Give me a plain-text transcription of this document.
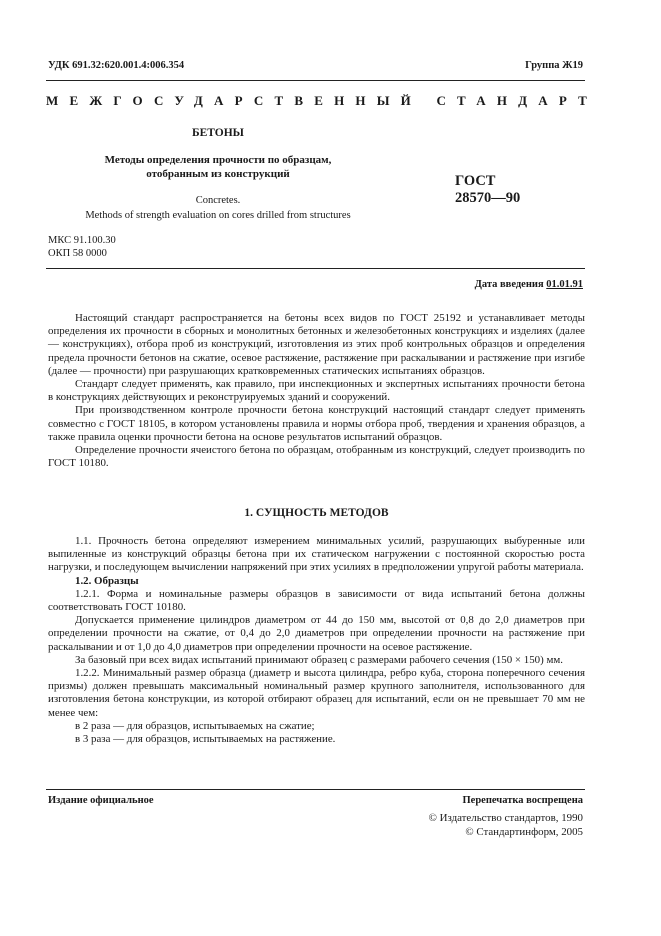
УДК 691.32:620.001.4:006.354	Группа Ж19
МЕЖГОСУДАРСТВЕННЫЙ СТАНДАРТ
БЕТОНЫ
Методы определения прочности по образцам,
отобранным из конструкций
Concretes.
Methods of strength evaluation on cores drilled from structures
ГОСТ
28570—90
МКС 91.100.30
ОКП 58 0000
Дата введения 01.01.91

Настоящий стандарт распространяется на бетоны всех видов по ГОСТ 25192 и устанавливает методы определения их прочности в сборных и монолитных бетонных и железобетонных конструкциях и изделиях (далее — конструкциях), отбора проб из конструкций, изготовления из этих проб контрольных образцов и определения предела прочности бетонов на сжатие, осевое растяжение, растяжение при раскалывании и растяжение при изгибе (далее — прочности) при разрушающих кратковременных статических испытаниях образцов.

Стандарт следует применять, как правило, при инспекционных и экспертных испытаниях прочности бетона в конструкциях действующих и реконструируемых зданий и сооружений.

При производственном контроле прочности бетона конструкций настоящий стандарт следует применять совместно с ГОСТ 18105, в котором установлены правила и нормы отбора проб, твердения и хранения образцов, а также правила оценки прочности бетона на основе результатов испытаний образцов.

Определение прочности ячеистого бетона по образцам, отобранным из конструкций, следует производить по ГОСТ 10180.

1. СУЩНОСТЬ МЕТОДОВ

1.1. Прочность бетона определяют измерением минимальных усилий, разрушающих выбуренные или выпиленные из конструкций образцы бетона при их статическом нагружении с постоянной скоростью роста нагрузки, и последующем вычислении напряжений при этих усилиях в предположении упругой работы материала.

1.2. Образцы

1.2.1. Форма и номинальные размеры образцов в зависимости от вида испытаний бетона должны соответствовать ГОСТ 10180.

Допускается применение цилиндров диаметром от 44 до 150 мм, высотой от 0,8 до 2,0 диаметров при определении прочности на сжатие, от 0,4 до 2,0 диаметров при определении прочности на растяжение при раскалывании и от 1,0 до 4,0 диаметров при определении прочности на осевое растяжение.

За базовый при всех видах испытаний принимают образец с размерами рабочего сечения (150 × 150) мм.

1.2.2. Минимальный размер образца (диаметр и высота цилиндра, ребро куба, сторона поперечного сечения призмы) должен превышать максимальный номинальный размер крупного заполнителя, использованного для изготовления бетона конструкции, из которой отбирают образец для испытаний, если он не превышает 70 мм не менее чем:

в 2 раза — для образцов, испытываемых на сжатие;

в 3 раза — для образцов, испытываемых на растяжение.

Издание официальное	Перепечатка воспрещена
© Издательство стандартов, 1990
© Стандартинформ, 2005
